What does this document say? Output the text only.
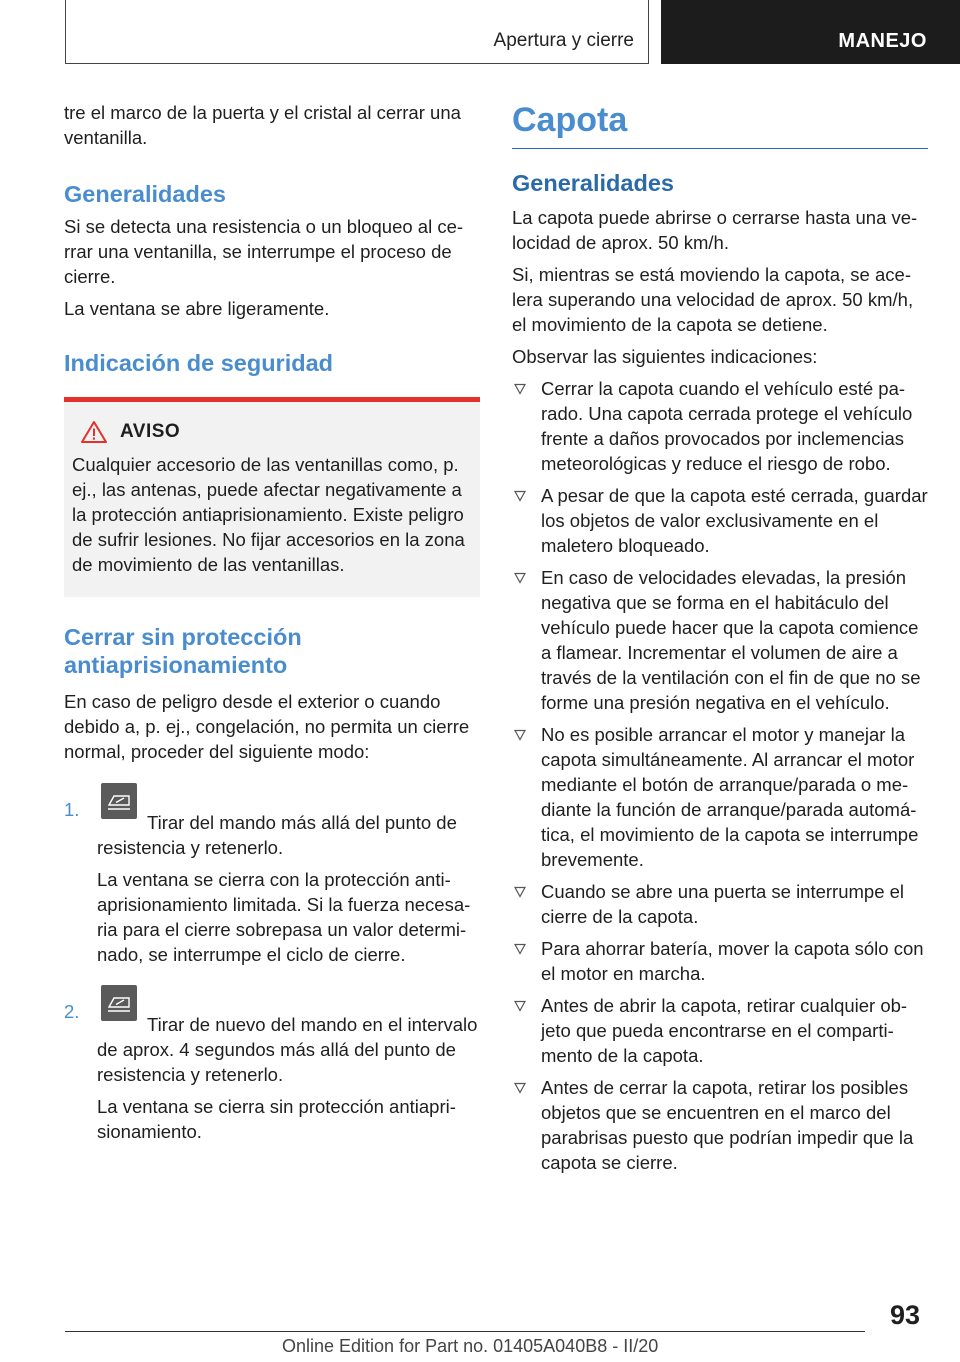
Apertura y cierre	MANEJO

tre el marco de la puerta y el cristal al cerrar una ventanilla.

Generalidades

Si se detecta una resistencia o un bloqueo al cerrar una ventanilla, se interrumpe el proceso de cierre.

La ventana se abre ligeramente.

Indicación de seguridad
AVISO

Cualquier accesorio de las ventanillas como, p. ej., las antenas, puede afectar negativamente a la protección antiaprisionamiento. Existe peligro de sufrir lesiones. No fijar accesorios en la zona de movimiento de las ventanillas.

Cerrar sin protección antiaprisionamiento

En caso de peligro desde el exterior o cuando debido a, p. ej., congelación, no permita un cierre normal, proceder del siguiente modo:

1.

Tirar del mando más allá del punto de resistencia y retenerlo.

La ventana se cierra con la protección antiaprisionamiento limitada. Si la fuerza necesaria para el cierre sobrepasa un valor determinado, se interrumpe el ciclo de cierre.

2.

Tirar de nuevo del mando en el intervalo de aprox. 4 segundos más allá del punto de resistencia y retenerlo.

La ventana se cierra sin protección antiaprisionamiento.

Capota
Generalidades

La capota puede abrirse o cerrarse hasta una velocidad de aprox. 50 km/h.

Si, mientras se está moviendo la capota, se acelera superando una velocidad de aprox. 50 km/h, el movimiento de la capota se detiene.

Observar las siguientes indicaciones:

Cerrar la capota cuando el vehículo esté parado. Una capota cerrada protege el vehículo frente a daños provocados por inclemencias meteorológicas y reduce el riesgo de robo.
A pesar de que la capota esté cerrada, guardar los objetos de valor exclusivamente en el maletero bloqueado.
En caso de velocidades elevadas, la presión negativa que se forma en el habitáculo del vehículo puede hacer que la capota comience a flamear. Incrementar el volumen de aire a través de la ventilación con el fin de que no se forme una presión negativa en el vehículo.
No es posible arrancar el motor y manejar la capota simultáneamente. Al arrancar el motor mediante el botón de arranque/parada o mediante la función de arranque/parada automática, el movimiento de la capota se interrumpe brevemente.
Cuando se abre una puerta se interrumpe el cierre de la capota.
Para ahorrar batería, mover la capota sólo con el motor en marcha.
Antes de abrir la capota, retirar cualquier objeto que pueda encontrarse en el compartimento de la capota.
Antes de cerrar la capota, retirar los posibles objetos que se encuentren en el marco del parabrisas puesto que podrían impedir que la capota se cierre.
93
Online Edition for Part no. 01405A040B8 - II/20
